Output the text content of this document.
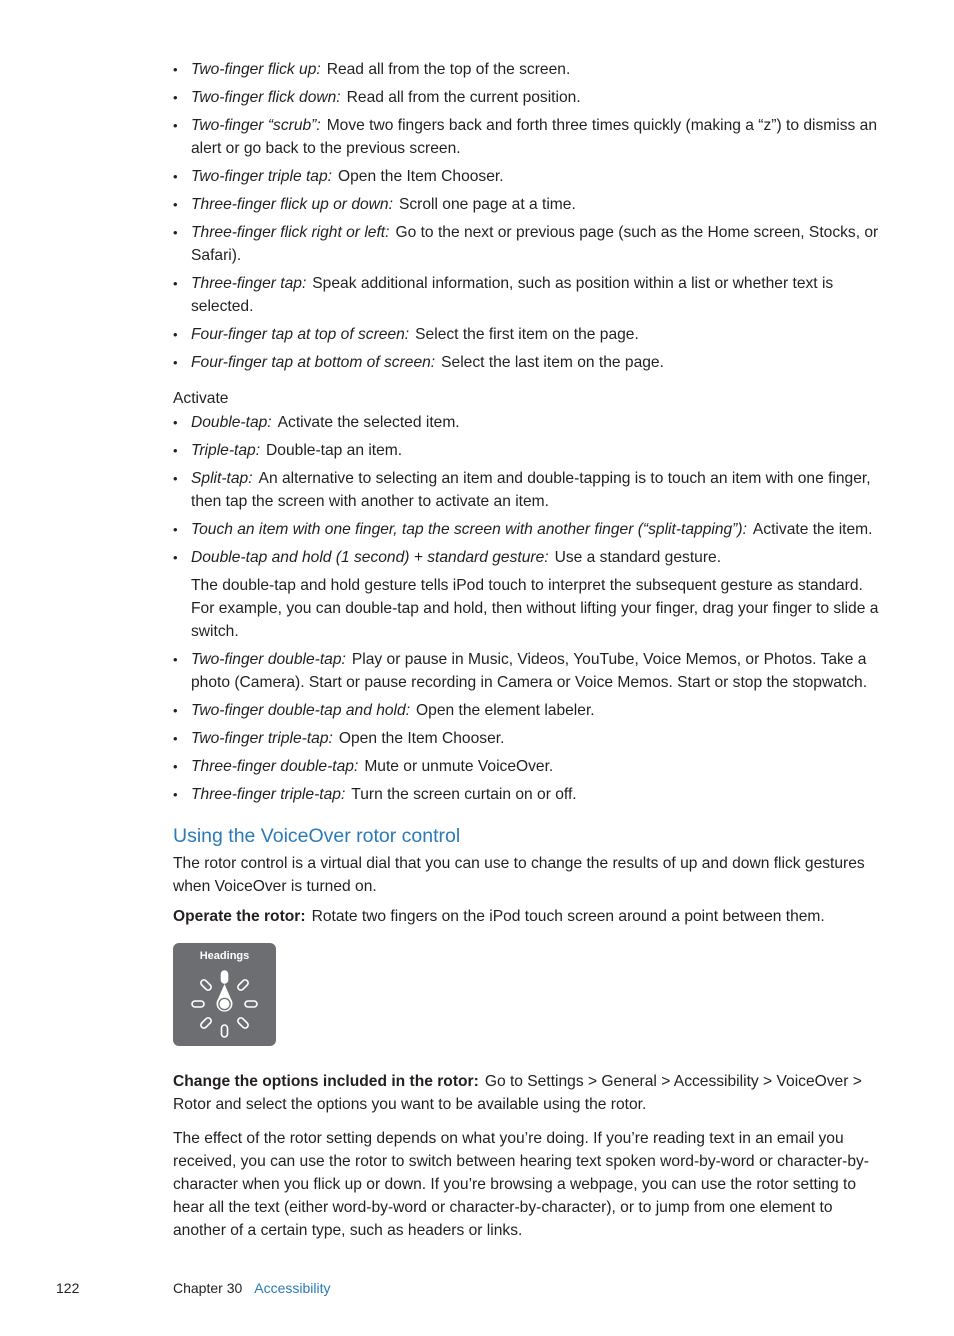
• Two-finger flick up: Read all from the top of the screen.
• Two-finger flick down: Read all from the current position.
• Two-finger “scrub”: Move two fingers back and forth three times quickly (making a “z”) to dismiss an alert or go back to the previous screen.
• Two-finger triple tap: Open the Item Chooser.
• Three-finger flick up or down: Scroll one page at a time.
• Three-finger flick right or left: Go to the next or previous page (such as the Home screen, Stocks, or Safari).
• Three-finger tap: Speak additional information, such as position within a list or whether text is selected.
• Four-finger tap at top of screen: Select the first item on the page.
• Four-finger tap at bottom of screen: Select the last item on the page.
Activate
• Double-tap: Activate the selected item.
• Triple-tap: Double-tap an item.
• Split-tap: An alternative to selecting an item and double-tapping is to touch an item with one finger, then tap the screen with another to activate an item.
• Touch an item with one finger, tap the screen with another finger (“split-tapping”): Activate the item.
• Double-tap and hold (1 second) + standard gesture: Use a standard gesture.

The double-tap and hold gesture tells iPod touch to interpret the subsequent gesture as standard. For example, you can double-tap and hold, then without lifting your finger, drag your finger to slide a switch.

• Two-finger double-tap: Play or pause in Music, Videos, YouTube, Voice Memos, or Photos. Take a photo (Camera). Start or pause recording in Camera or Voice Memos. Start or stop the stopwatch.
• Two-finger double-tap and hold: Open the element labeler.
• Two-finger triple-tap: Open the Item Chooser.
• Three-finger double-tap: Mute or unmute VoiceOver.
• Three-finger triple-tap: Turn the screen curtain on or off.
Using the VoiceOver rotor control

The rotor control is a virtual dial that you can use to change the results of up and down flick gestures when VoiceOver is turned on.

Operate the rotor: Rotate two fingers on the iPod touch screen around a point between them.

Headings

Change the options included in the rotor: Go to Settings > General > Accessibility > VoiceOver > Rotor and select the options you want to be available using the rotor.

The effect of the rotor setting depends on what you’re doing. If you’re reading text in an email you received, you can use the rotor to switch between hearing text spoken word-by-word or character-by-character when you flick up or down. If you’re browsing a webpage, you can use the rotor setting to hear all the text (either word-by-word or character-by-character), or to jump from one element to another of a certain type, such as headers or links.

122	Chapter 30 Accessibility
